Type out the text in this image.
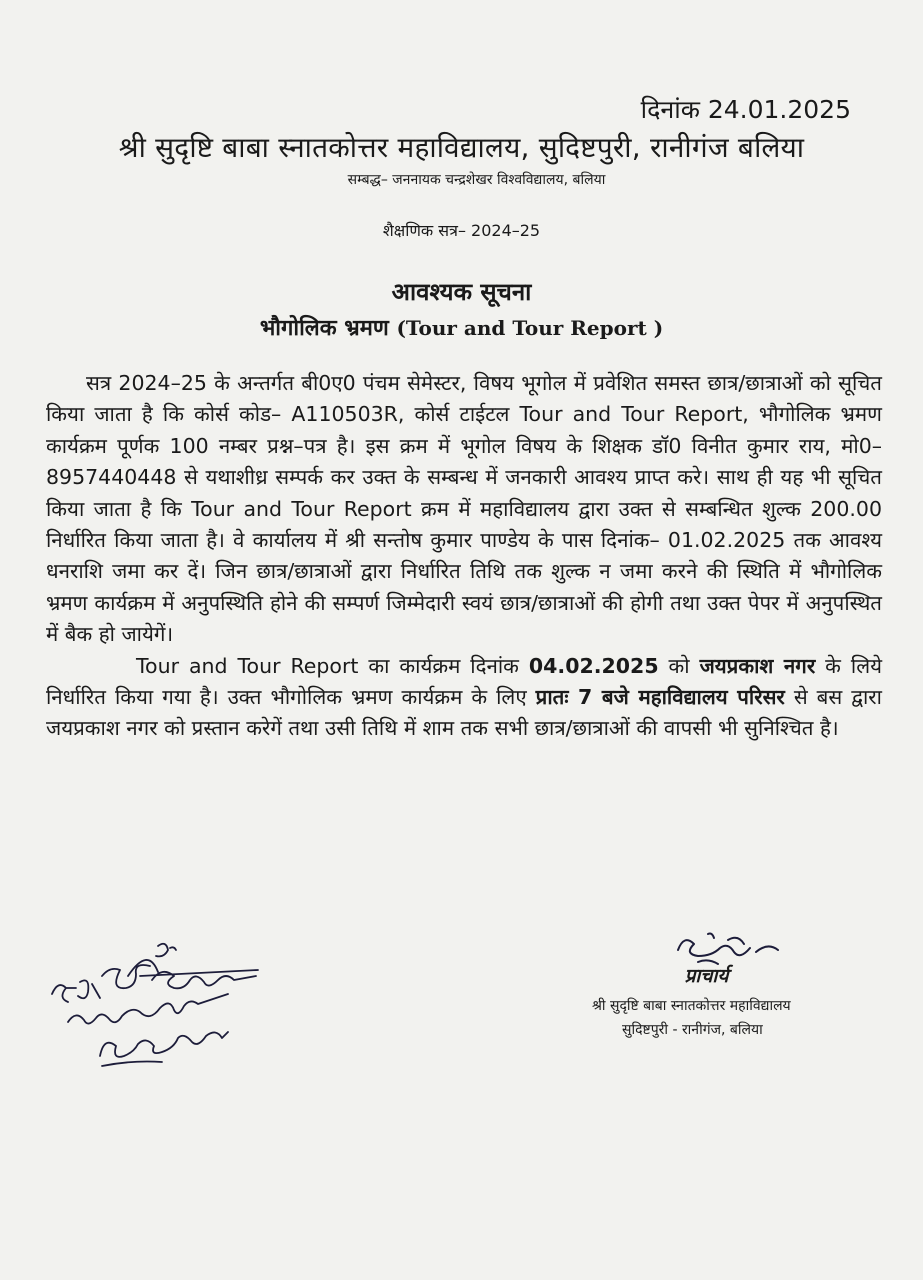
दिनांक 24.01.2025
श्री सुदृष्टि बाबा स्नातकोत्तर महाविद्यालय, सुदिष्टपुरी, रानीगंज बलिया
सम्बद्ध– जननायक चन्द्रशेखर विश्वविद्यालय, बलिया
शैक्षणिक सत्र– 2024–25
आवश्यक सूचना
भौगोलिक भ्रमण (Tour and Tour Report )

सत्र 2024–25 के अन्तर्गत बी0ए0 पंचम सेमेस्टर, विषय भूगोल में प्रवेशित समस्त छात्र/छात्राओं को सूचित किया जाता है कि कोर्स कोड– A110503R, कोर्स टाईटल Tour and Tour Report, भौगोलिक भ्रमण कार्यक्रम पूर्णक 100 नम्बर प्रश्न–पत्र है। इस क्रम में भूगोल विषय के शिक्षक डॉ0 विनीत कुमार राय, मो0– 8957440448 से यथाशीध्र सम्पर्क कर उक्त के सम्बन्ध में जनकारी आवश्य प्राप्त करे। साथ ही यह भी सूचित किया जाता है कि Tour and Tour Report क्रम में महाविद्यालय द्वारा उक्त से सम्बन्धित शुल्क 200.00 निर्धारित किया जाता है। वे कार्यालय में श्री सन्तोष कुमार पाण्डेय के पास दिनांक– 01.02.2025 तक आवश्य धनराशि जमा कर दें। जिन छात्र/छात्राओं द्वारा निर्धारित तिथि तक शुल्क न जमा करने की स्थिति में भौगोलिक भ्रमण कार्यक्रम में अनुपस्थिति होने की सम्पर्ण जिम्मेदारी स्वयं छात्र/छात्राओं की होगी तथा उक्त पेपर में अनुपस्थित में बैक हो जायेगें।

Tour and Tour Report का कार्यक्रम दिनांक 04.02.2025 को जयप्रकाश नगर के लिये निर्धारित किया गया है। उक्त भौगोलिक भ्रमण कार्यक्रम के लिए प्रातः 7 बजे महाविद्यालय परिसर से बस द्वारा जयप्रकाश नगर को प्रस्तान करेगें तथा उसी तिथि में शाम तक सभी छात्र/छात्राओं की वापसी भी सुनिश्चित है।

डॉ॰ विनीत कुमार राय
सहायक आचार्य
भूगोल विभाग
प्राचार्य
श्री सुदृष्टि बाबा स्नातकोत्तर महाविद्यालय
सुदिष्टपुरी - रानीगंज, बलिया
